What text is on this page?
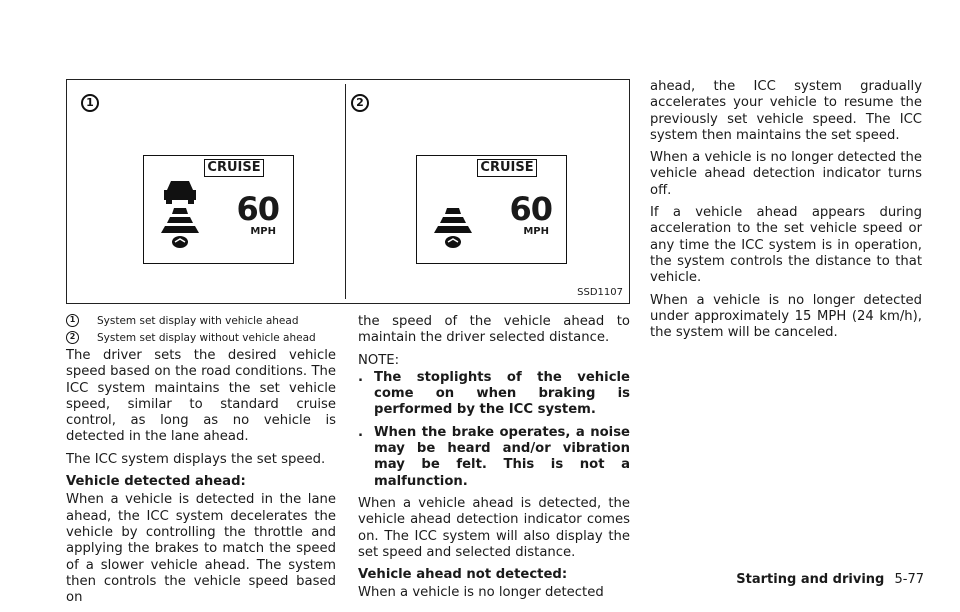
1	2
CRUISE
60
MPH
CRUISE
60
MPH
SSD1107
1	System set display with vehicle ahead
2	System set display without vehicle ahead

The driver sets the desired vehicle speed based on the road conditions. The ICC system maintains the set vehicle speed, similar to standard cruise control, as long as no vehicle is detected in the lane ahead.

The ICC system displays the set speed.

Vehicle detected ahead:

When a vehicle is detected in the lane ahead, the ICC system decelerates the vehicle by controlling the throttle and applying the brakes to match the speed of a slower vehicle ahead. The system then controls the vehicle speed based on

the speed of the vehicle ahead to maintain the driver selected distance.

NOTE:

. The stoplights of the vehicle come on when braking is performed by the ICC system.
. When the brake operates, a noise may be heard and/or vibration may be felt. This is not a malfunction.

When a vehicle ahead is detected, the vehicle ahead detection indicator comes on. The ICC system will also display the set speed and selected distance.

Vehicle ahead not detected:

When a vehicle is no longer detected

ahead, the ICC system gradually accelerates your vehicle to resume the previously set vehicle speed. The ICC system then maintains the set speed.

When a vehicle is no longer detected the vehicle ahead detection indicator turns off.

If a vehicle ahead appears during acceleration to the set vehicle speed or any time the ICC system is in operation, the system controls the distance to that vehicle.

When a vehicle is no longer detected under approximately 15 MPH (24 km/h), the system will be canceled.

Starting and driving 5-77
